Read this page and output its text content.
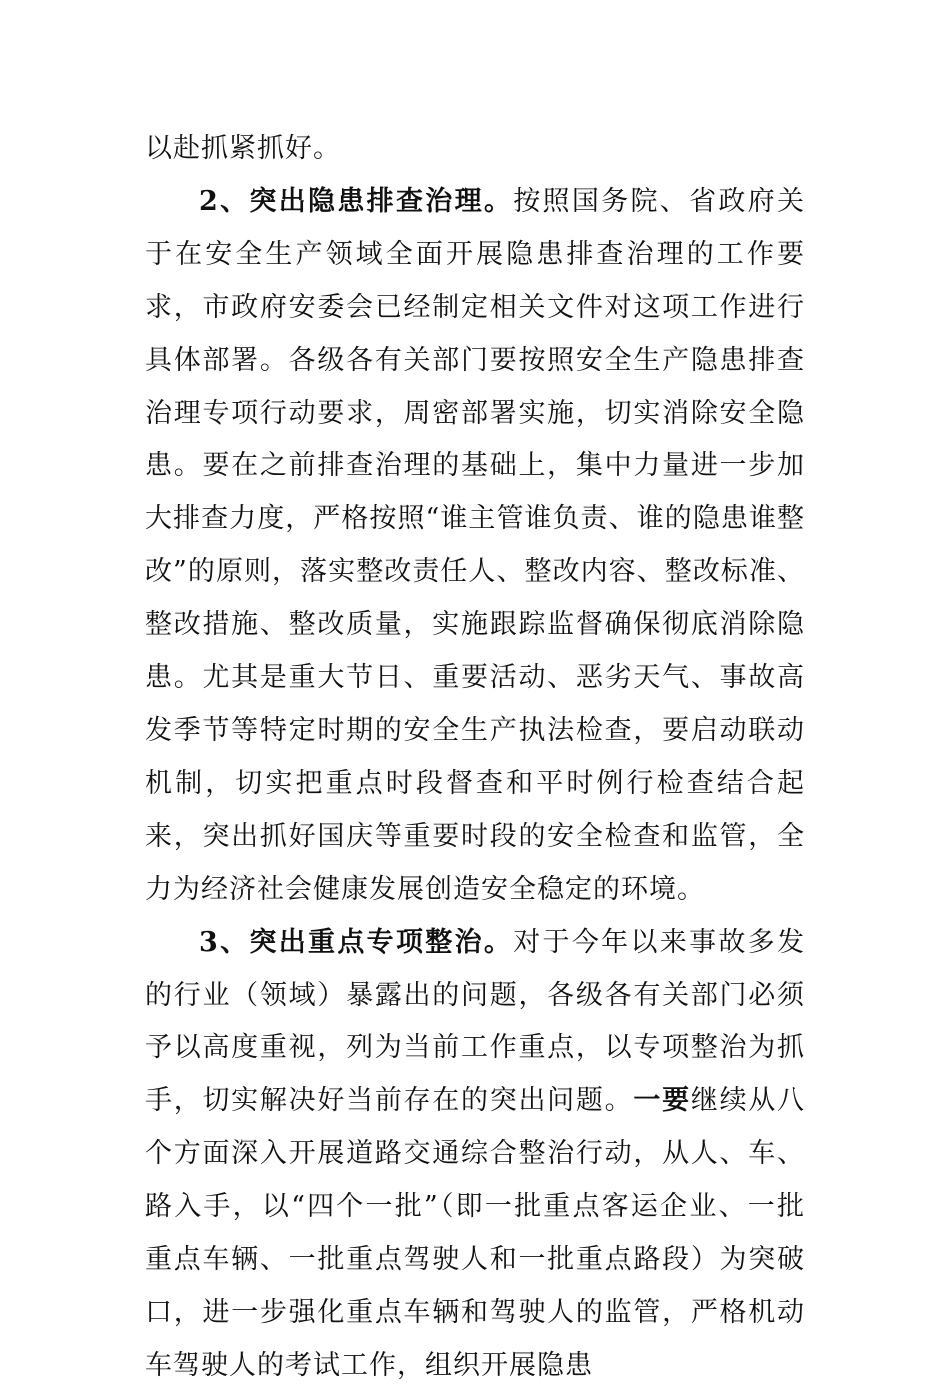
以赴抓紧抓好。

2、突出隐患排查治理。按照国务院、省政府关于在安全生产领域全面开展隐患排查治理的工作要求，市政府安委会已经制定相关文件对这项工作进行具体部署。各级各有关部门要按照安全生产隐患排查治理专项行动要求，周密部署实施，切实消除安全隐患。要在之前排查治理的基础上，集中力量进一步加大排查力度，严格按照“谁主管谁负责、谁的隐患谁整改”的原则，落实整改责任人、整改内容、整改标准、整改措施、整改质量，实施跟踪监督确保彻底消除隐患。尤其是重大节日、重要活动、恶劣天气、事故高发季节等特定时期的安全生产执法检查，要启动联动机制，切实把重点时段督查和平时例行检查结合起来，突出抓好国庆等重要时段的安全检查和监管，全力为经济社会健康发展创造安全稳定的环境。

3、突出重点专项整治。对于今年以来事故多发的行业（领域）暴露出的问题，各级各有关部门必须予以高度重视，列为当前工作重点，以专项整治为抓手，切实解决好当前存在的突出问题。一要继续从八个方面深入开展道路交通综合整治行动，从人、车、路入手，以“四个一批”（即一批重点客运企业、一批重点车辆、一批重点驾驶人和一批重点路段）为突破口，进一步强化重点车辆和驾驶人的监管，严格机动车驾驶人的考试工作，组织开展隐患
